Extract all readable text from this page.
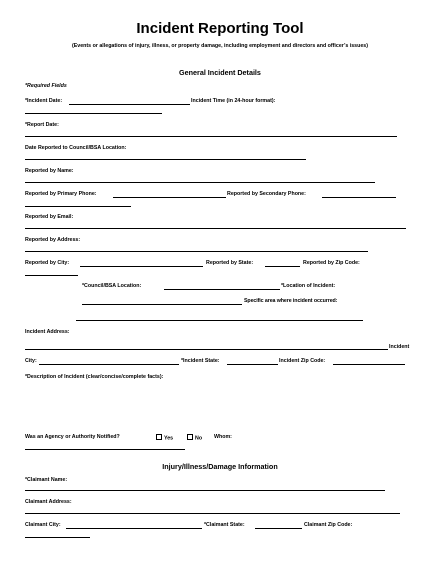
Incident Reporting Tool
(Events or allegations of injury, illness, or property damage, including employment and directors and officer’s issues)
General Incident Details
*Required Fields
*Incident Date:	Incident Time (in 24-hour format):
*Report Date:
Date Reported to Council/BSA Location:
Reported by Name:
Reported by Primary Phone:	Reported by Secondary Phone:
Reported by Email:
Reported by Address:
Reported by City:	Reported by State:	Reported by Zip Code:
*Council/BSA Location:	*Location of Incident:
Specific area where incident occurred:
Incident Address:
Incident
City:	*Incident State:	Incident Zip Code:
*Description of Incident (clear/concise/complete facts):
Was an Agency or Authority Notified?	Yes	No Whom:
Injury/Illness/Damage Information
*Claimant Name:
Claimant Address:
Claimant City:	*Claimant State:	Claimant Zip Code:
